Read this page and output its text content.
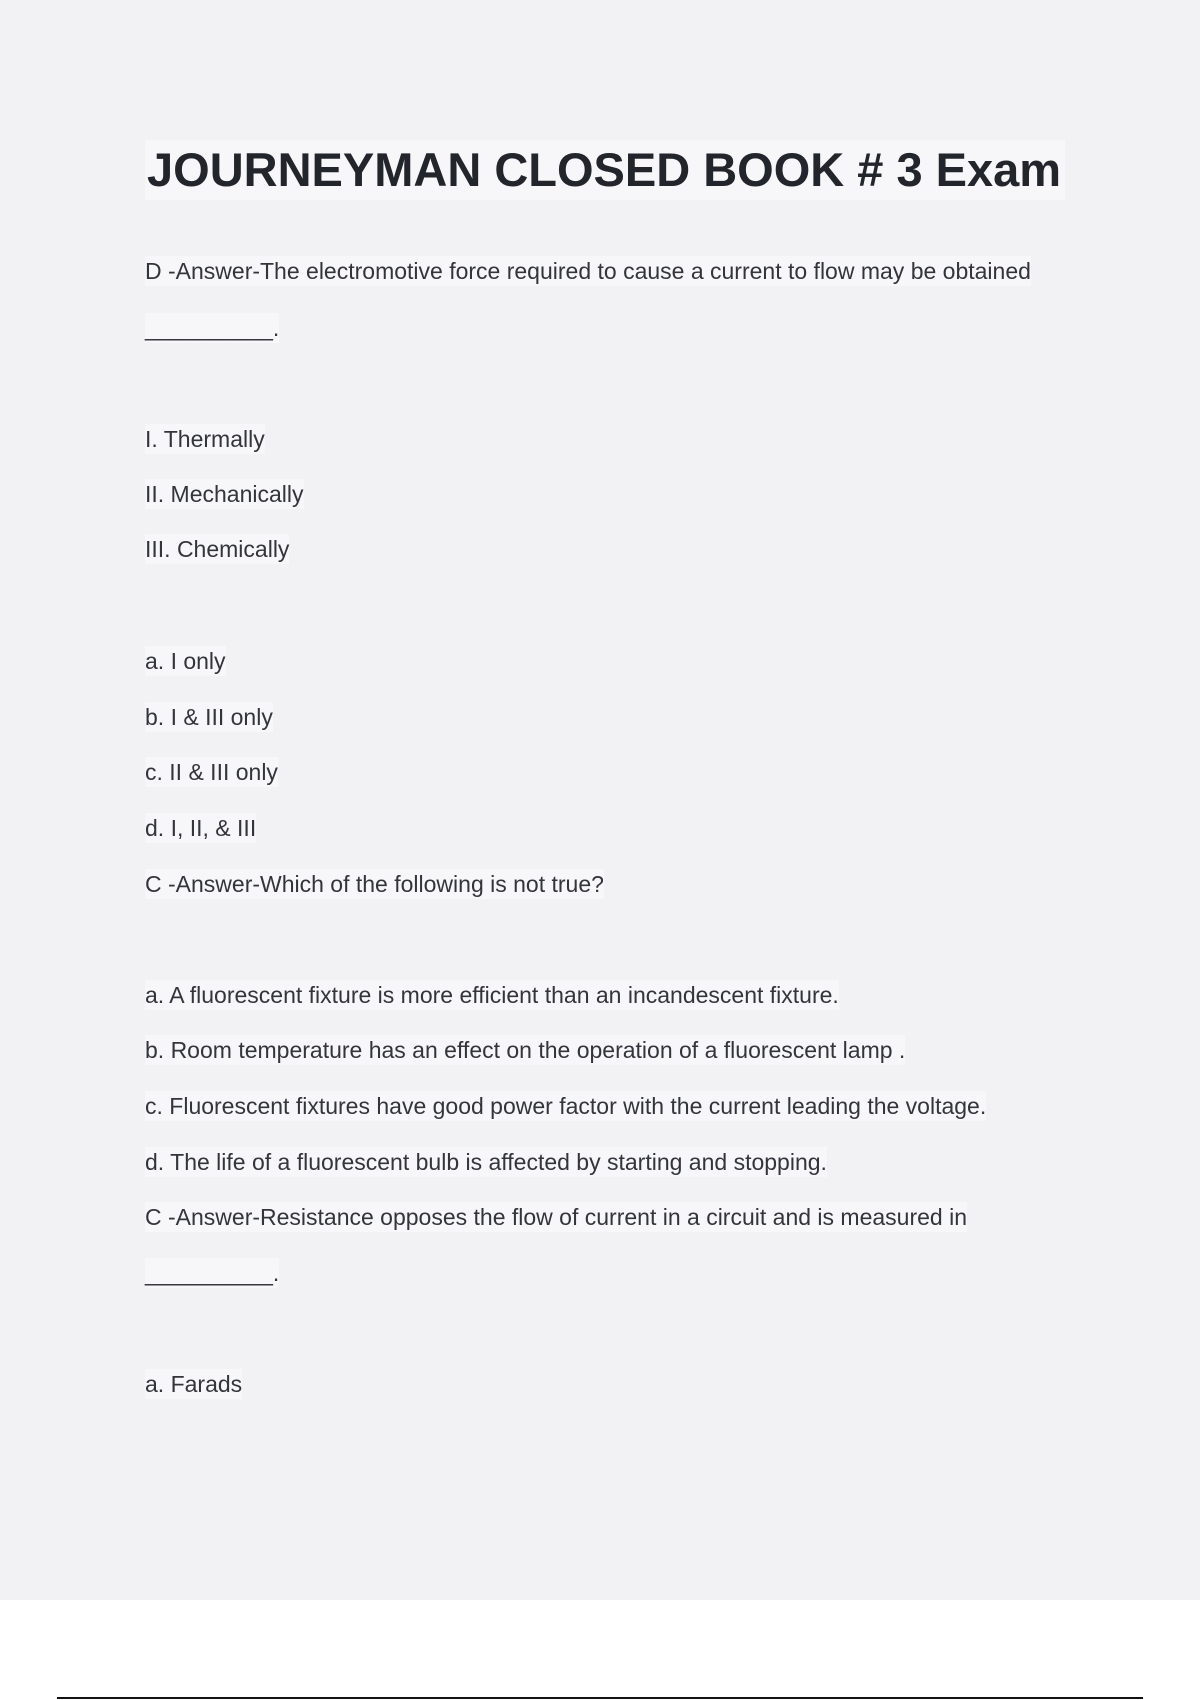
JOURNEYMAN CLOSED BOOK # 3 Exam

D -Answer-The electromotive force required to cause a current to flow may be obtained

__________.

I. Thermally

II. Mechanically

III. Chemically

a. I only

b. I & III only

c. II & III only

d. I, II, & III

C -Answer-Which of the following is not true?

a. A fluorescent fixture is more efficient than an incandescent fixture.

b. Room temperature has an effect on the operation of a fluorescent lamp .

c. Fluorescent fixtures have good power factor with the current leading the voltage.

d. The life of a fluorescent bulb is affected by starting and stopping.

C -Answer-Resistance opposes the flow of current in a circuit and is measured in

__________.

a. Farads
